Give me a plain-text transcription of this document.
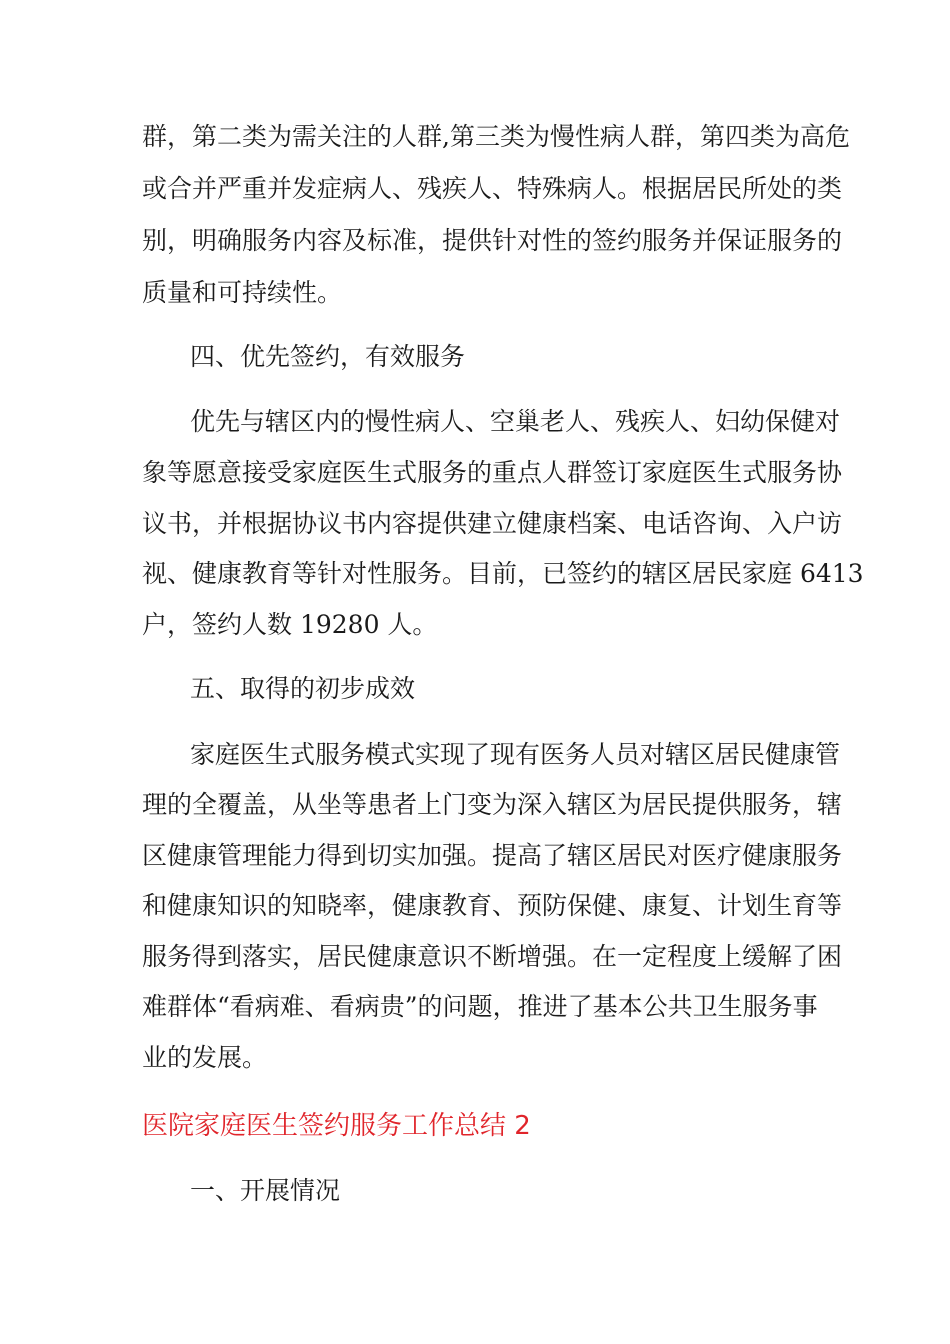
群，第二类为需关注的人群,第三类为慢性病人群，第四类为高危

或合并严重并发症病人、残疾人、特殊病人。根据居民所处的类

别，明确服务内容及标准，提供针对性的签约服务并保证服务的

质量和可持续性。

四、优先签约，有效服务

优先与辖区内的慢性病人、空巢老人、残疾人、妇幼保健对

象等愿意接受家庭医生式服务的重点人群签订家庭医生式服务协

议书，并根据协议书内容提供建立健康档案、电话咨询、入户访

视、健康教育等针对性服务。目前，已签约的辖区居民家庭 6413

户，签约人数 19280 人。

五、取得的初步成效

家庭医生式服务模式实现了现有医务人员对辖区居民健康管

理的全覆盖，从坐等患者上门变为深入辖区为居民提供服务，辖

区健康管理能力得到切实加强。提高了辖区居民对医疗健康服务

和健康知识的知晓率，健康教育、预防保健、康复、计划生育等

服务得到落实，居民健康意识不断增强。在一定程度上缓解了困

难群体“看病难、看病贵”的问题，推进了基本公共卫生服务事

业的发展。

医院家庭医生签约服务工作总结 2

一、开展情况
